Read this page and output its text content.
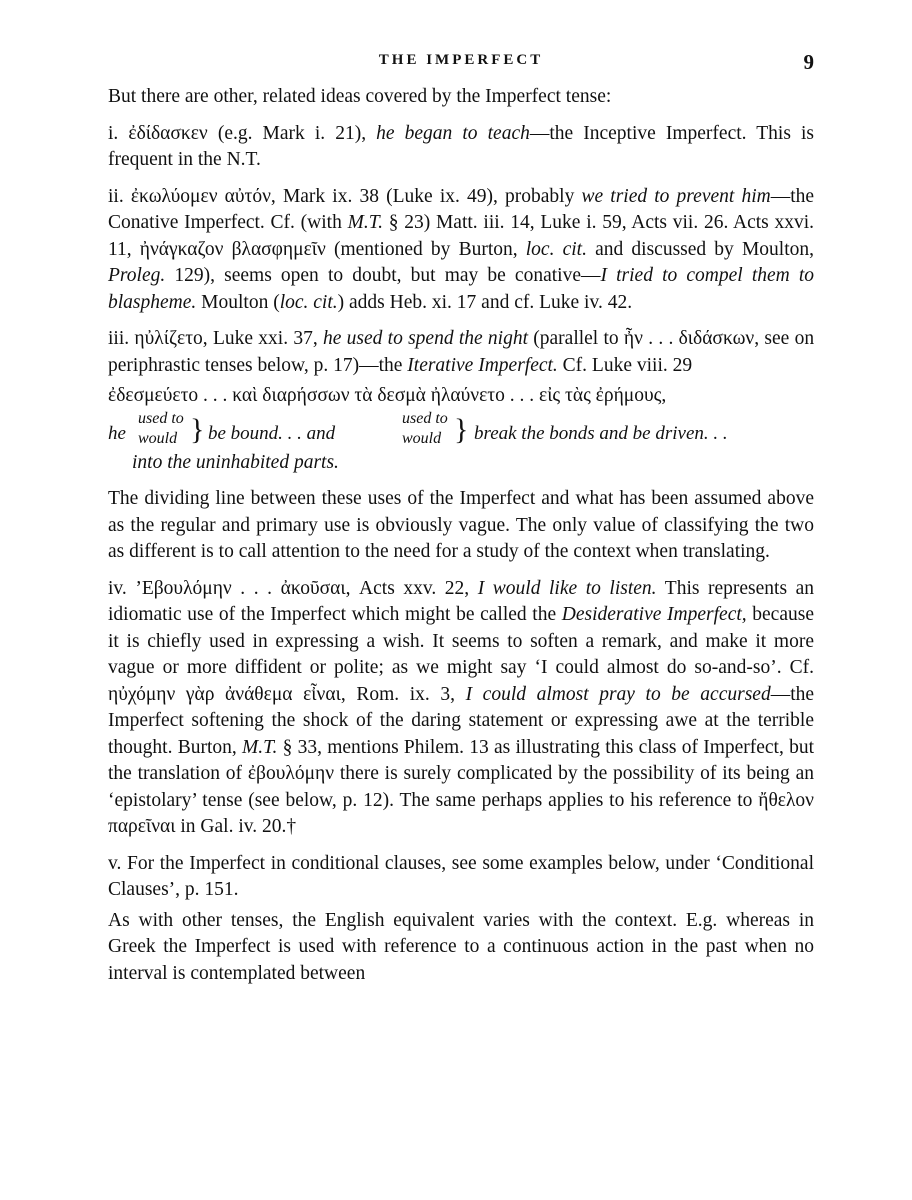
THE IMPERFECT	9

But there are other, related ideas covered by the Imperfect tense:

i. ἐδίδασκεν (e.g. Mark i. 21), he began to teach—the Inceptive Imperfect. This is frequent in the N.T.

ii. ἐκωλύομεν αὐτόν, Mark ix. 38 (Luke ix. 49), probably we tried to prevent him—the Conative Imperfect. Cf. (with M.T. § 23) Matt. iii. 14, Luke i. 59, Acts vii. 26. Acts xxvi. 11, ἠνάγκαζον βλασφημεῖν (mentioned by Burton, loc. cit. and discussed by Moulton, Proleg. 129), seems open to doubt, but may be conative—I tried to compel them to blaspheme. Moulton (loc. cit.) adds Heb. xi. 17 and cf. Luke iv. 42.

iii. ηὐλίζετο, Luke xxi. 37, he used to spend the night (parallel to ἦν . . . διδάσκων, see on periphrastic tenses below, p. 17)—the Iterative Imperfect. Cf. Luke viii. 29

ἐδεσμεύετο . . . καὶ διαρήσσων τὰ δεσμὰ ἠλαύνετο . . . εἰς τὰς ἐρήμους,
he
used to
would } be bound. . . and
used to
would } break the bonds and be driven. . .
into the uninhabited parts.

The dividing line between these uses of the Imperfect and what has been assumed above as the regular and primary use is obviously vague. The only value of classifying the two as different is to call attention to the need for a study of the context when translating.

iv. ’Εβουλόμην . . . ἀκοῦσαι, Acts xxv. 22, I would like to listen. This represents an idiomatic use of the Imperfect which might be called the Desiderative Imperfect, because it is chiefly used in expressing a wish. It seems to soften a remark, and make it more vague or more diffident or polite; as we might say ‘I could almost do so-and-so’. Cf. ηὐχόμην γὰρ ἀνάθεμα εἶναι, Rom. ix. 3, I could almost pray to be accursed—the Imperfect softening the shock of the daring statement or expressing awe at the terrible thought. Burton, M.T. § 33, mentions Philem. 13 as illustrating this class of Imperfect, but the translation of ἐβουλόμην there is surely complicated by the possibility of its being an ‘epistolary’ tense (see below, p. 12). The same perhaps applies to his reference to ἤθελον παρεῖναι in Gal. iv. 20.†

v. For the Imperfect in conditional clauses, see some examples below, under ‘Conditional Clauses’, p. 151.

As with other tenses, the English equivalent varies with the context. E.g. whereas in Greek the Imperfect is used with reference to a continuous action in the past when no interval is contemplated between
